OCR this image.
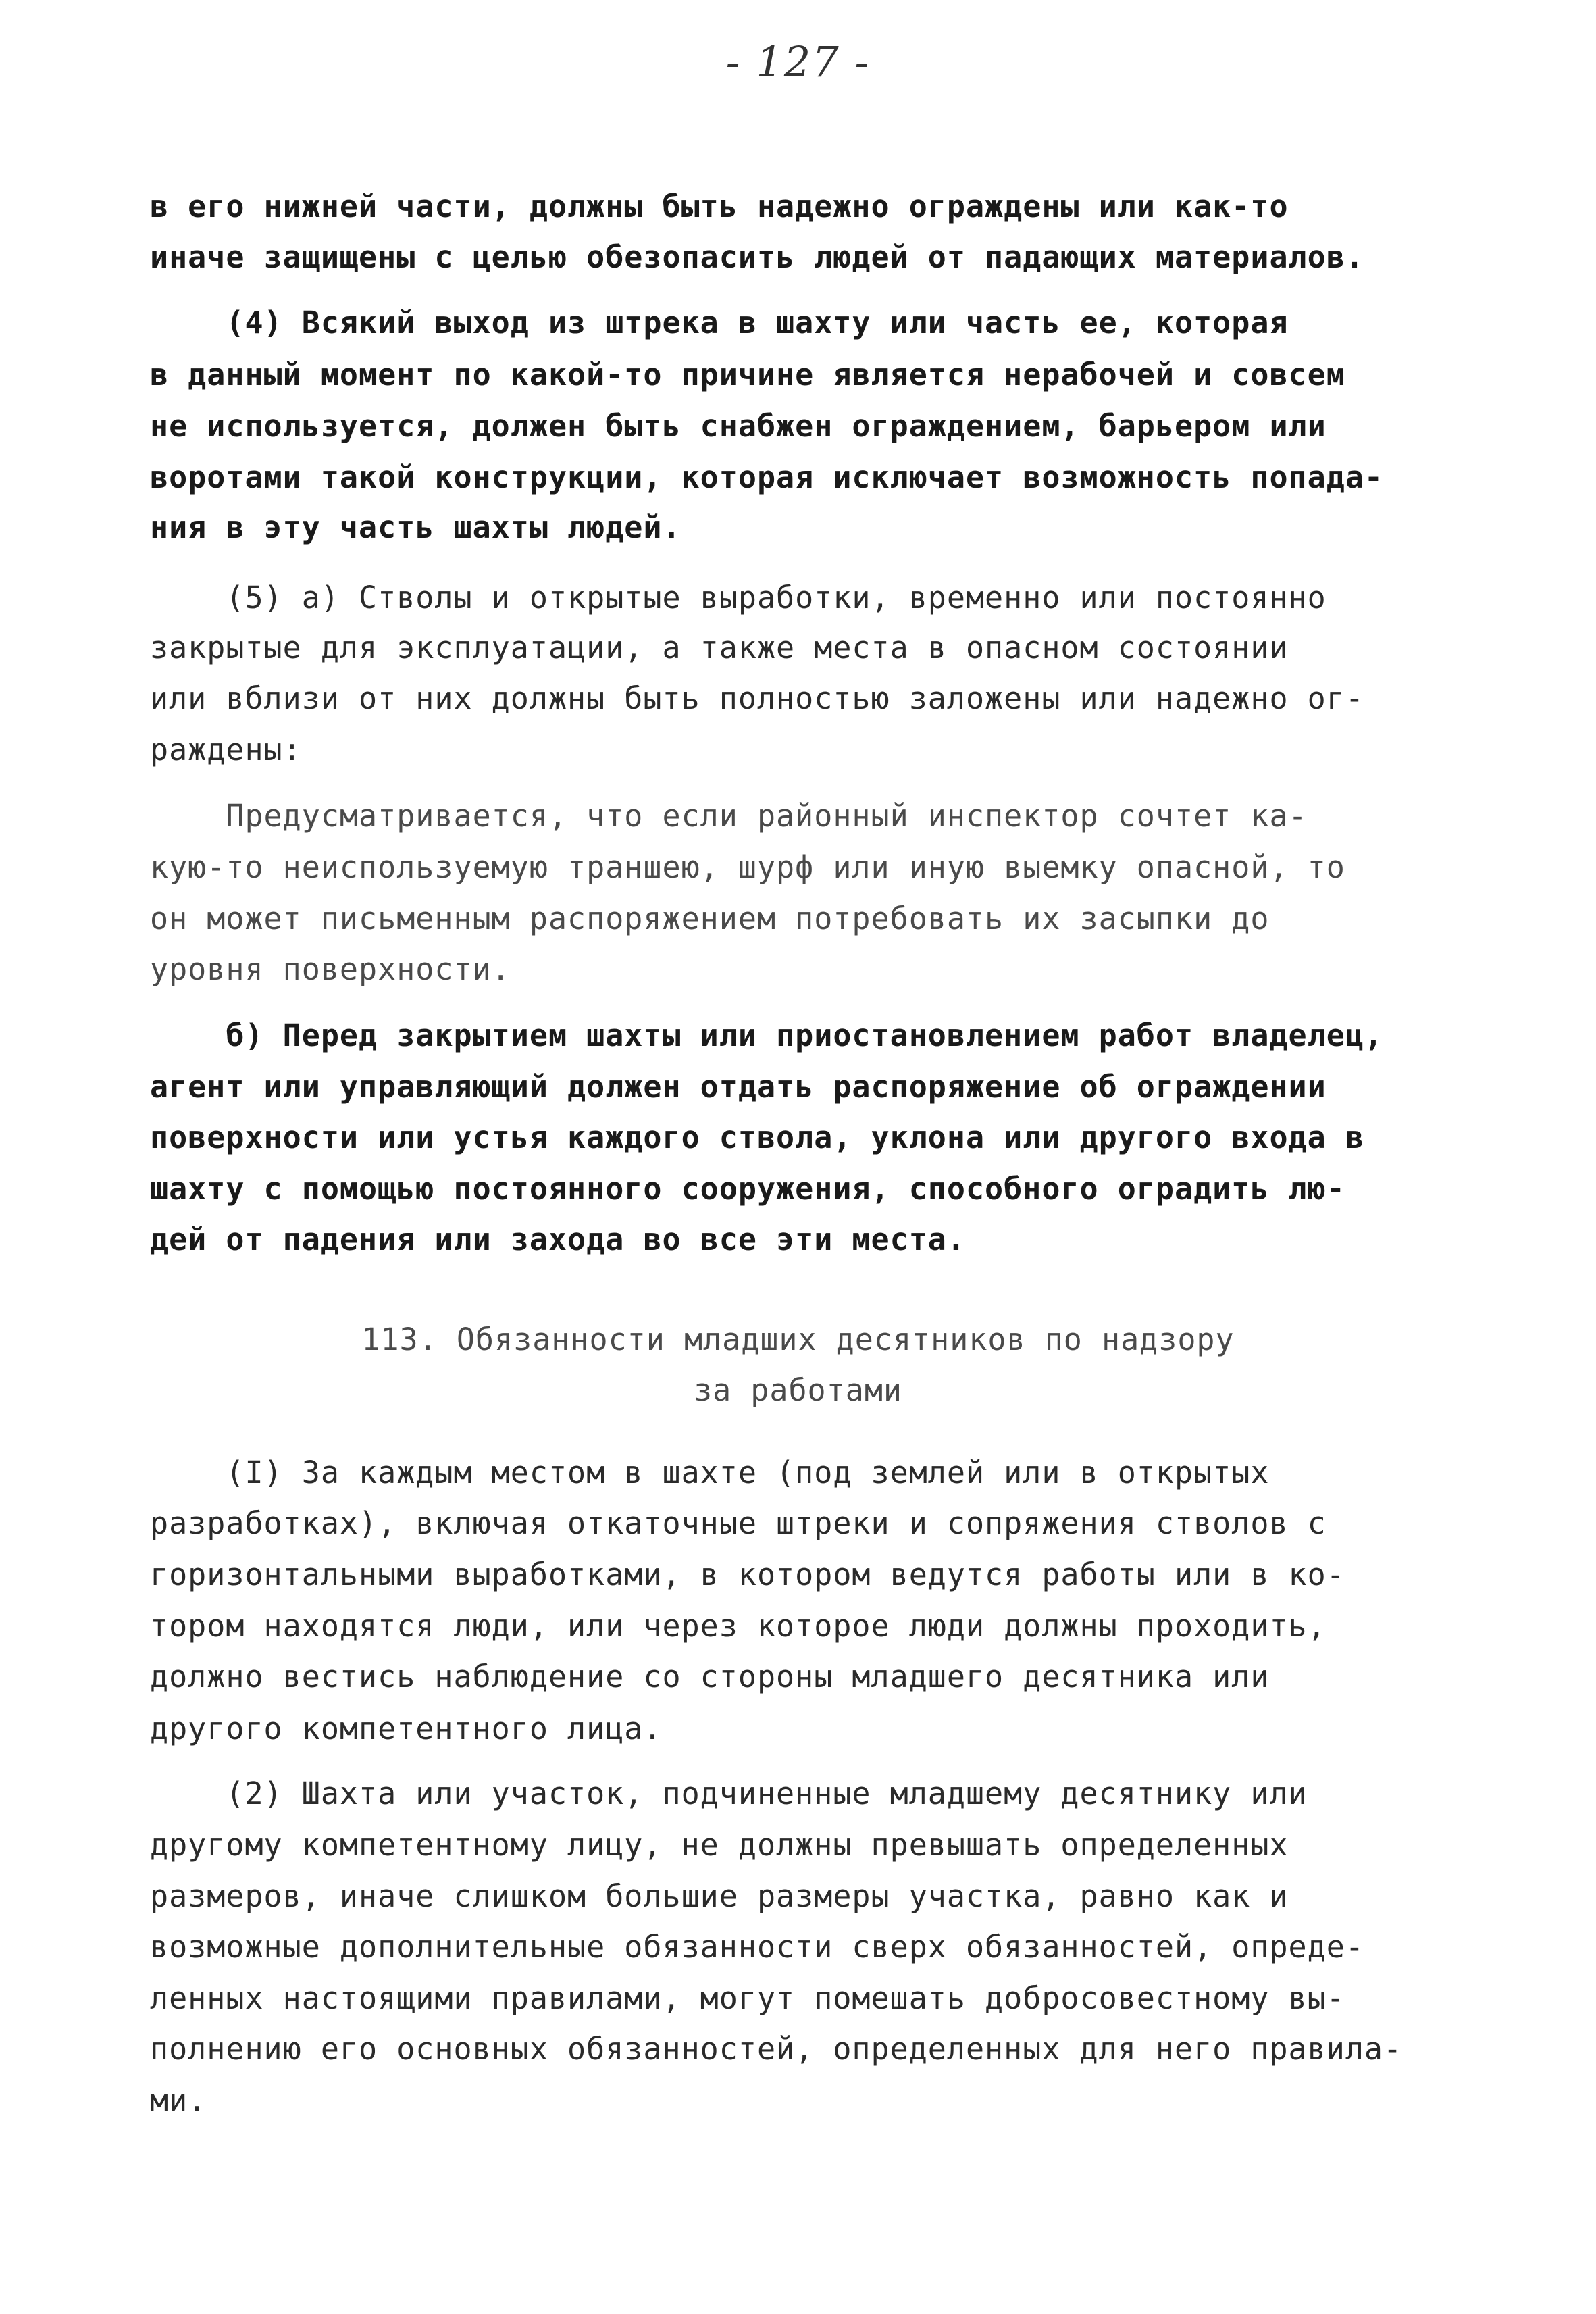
- 127 -
в его нижней части, должны быть надежно ограждены или как-то
иначе защищены с целью обезопасить людей от падающих материалов.
(4) Всякий выход из штрека в шахту или часть ее, которая
в данный момент по какой-то причине является нерабочей и совсем
не используется, должен быть снабжен ограждением, барьером или
воротами такой конструкции, которая исключает возможность попада-
ния в эту часть шахты людей.
(5) а) Стволы и открытые выработки, временно или постоянно
закрытые для эксплуатации, а также места в опасном состоянии
или вблизи от них должны быть полностью заложены или надежно ог-
раждены:
Предусматривается, что если районный инспектор сочтет ка-
кую-то неиспользуемую траншею, шурф или иную выемку опасной, то
он может письменным распоряжением потребовать их засыпки до
уровня поверхности.
б) Перед закрытием шахты или приостановлением работ владелец,
агент или управляющий должен отдать распоряжение об ограждении
поверхности или устья каждого ствола, уклона или другого входа в
шахту с помощью постоянного сооружения, способного оградить лю-
дей от падения или захода во все эти места.
113. Обязанности младших десятников по надзору
за работами
(I) За каждым местом в шахте (под землей или в открытых
разработках), включая откаточные штреки и сопряжения стволов с
горизонтальными выработками, в котором ведутся работы или в ко-
тором находятся люди, или через которое люди должны проходить,
должно вестись наблюдение со стороны младшего десятника или
другого компетентного лица.
(2) Шахта или участок, подчиненные младшему десятнику или
другому компетентному лицу, не должны превышать определенных
размеров, иначе слишком большие размеры участка, равно как и
возможные дополнительные обязанности сверх обязанностей, опреде-
ленных настоящими правилами, могут помешать добросовестному вы-
полнению его основных обязанностей, определенных для него правила-
ми.
